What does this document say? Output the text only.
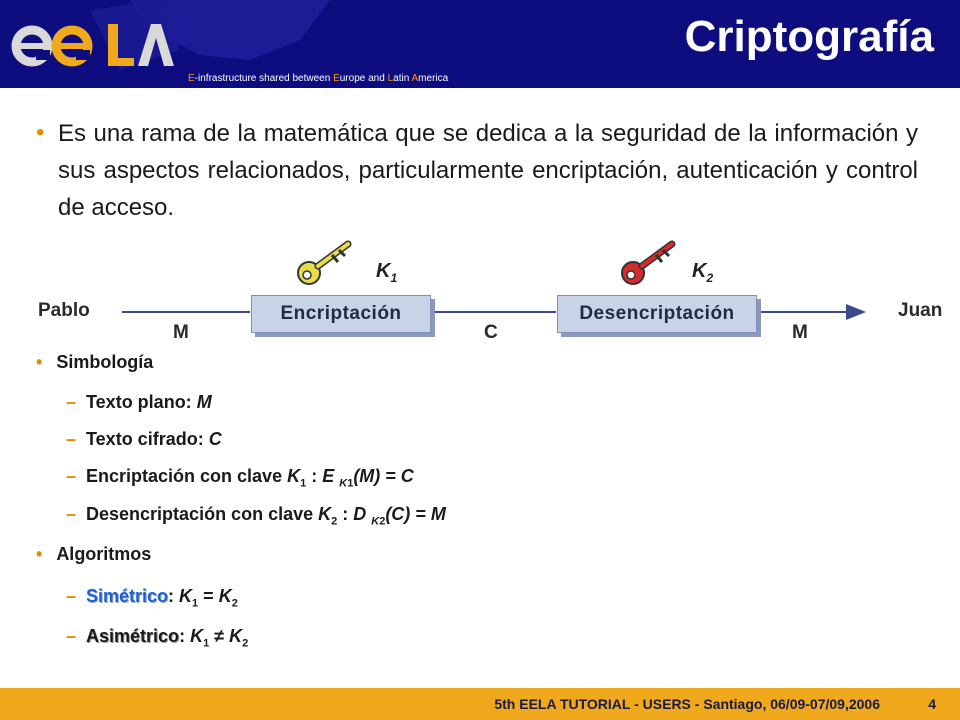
E-infrastructure shared between Europe and Latin America
Criptografía
• Es una rama de la matemática que se dedica a la seguridad de la información y sus aspectos relacionados, particularmente encriptación, autenticación y control de acceso.

Pablo	Juan
Encriptación	Desencriptación
M	C	M
$K_1$	$K_2$
• Simbología
– Texto plano: M
– Texto cifrado: C
– Encriptación con clave $K_1$ : E $_{K1}$(M) = C
– Desencriptación con clave $K_2$ : D $_{K2}$(C) = M
• Algoritmos
– Simétrico: $K_1 = K_2$
– Asimétrico: $K_1 \ne K_2$
5th EELA TUTORIAL - USERS - Santiago, 06/09-07/09,2006	4
